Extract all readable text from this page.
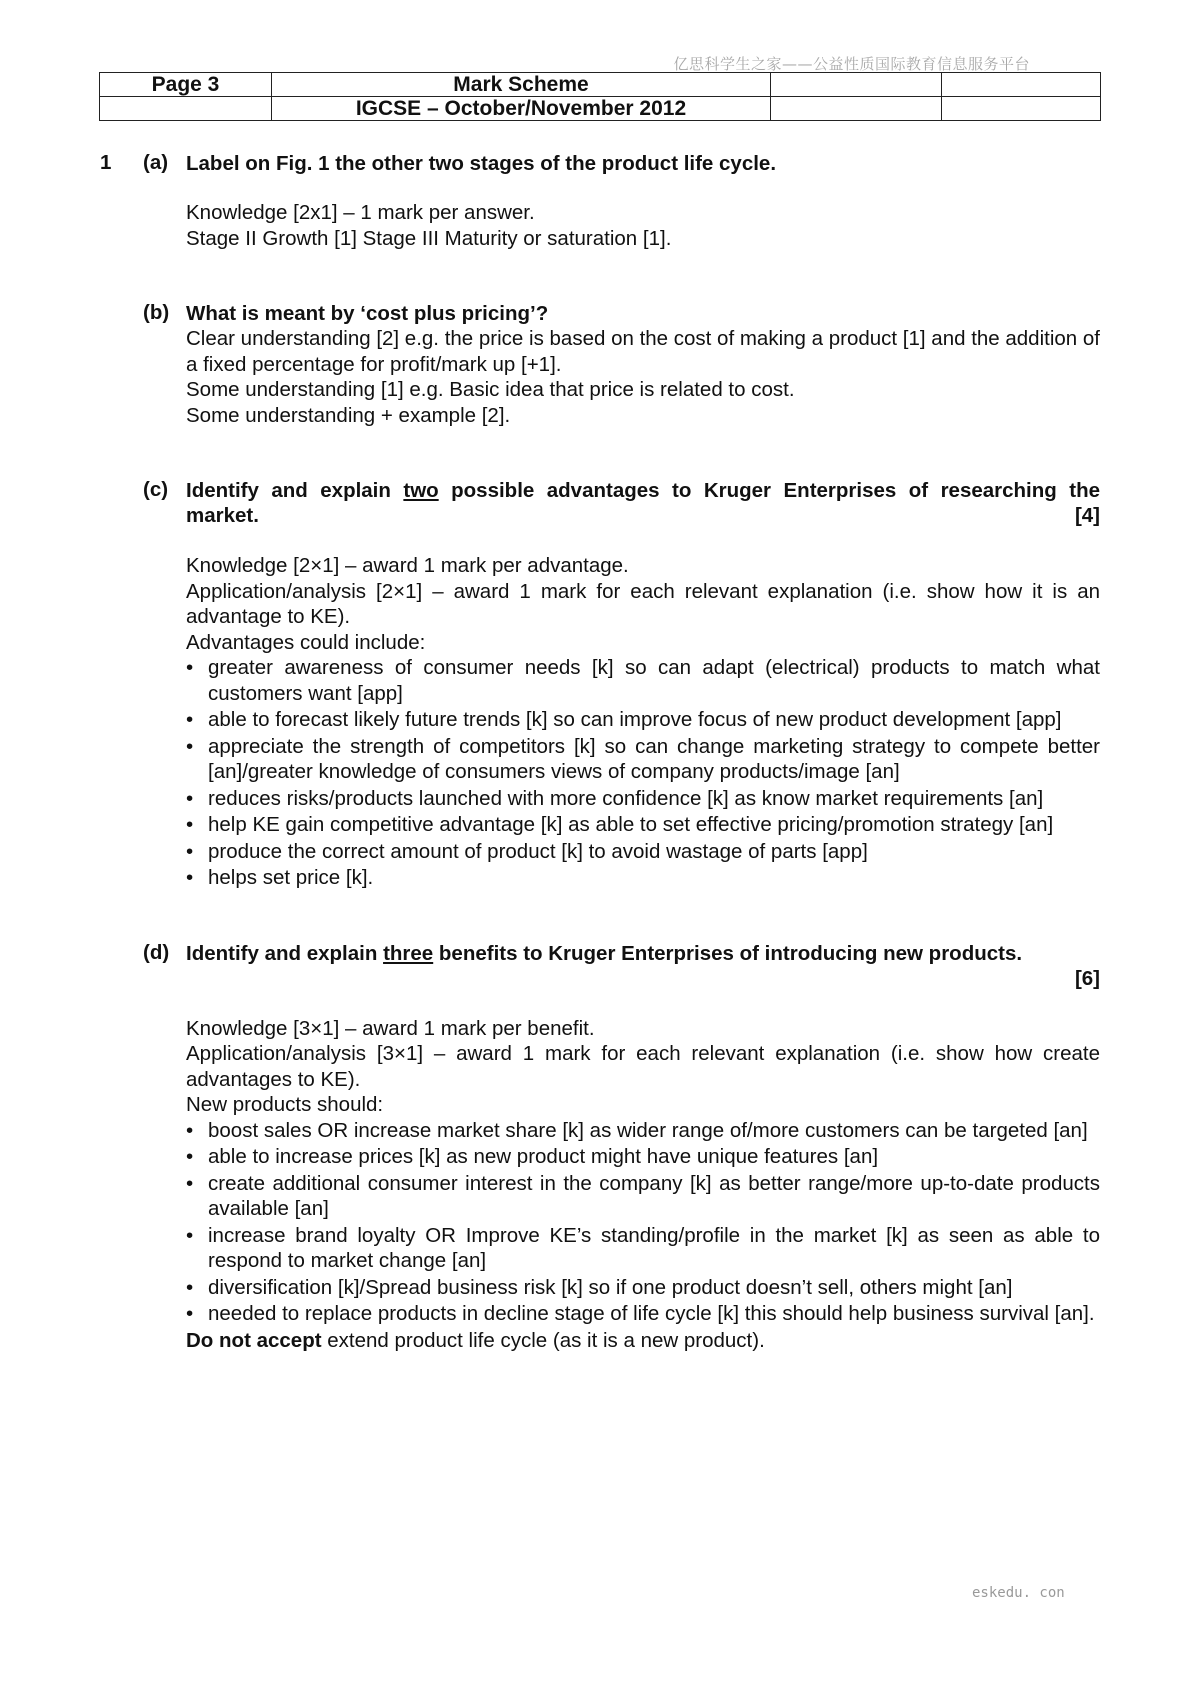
亿思科学生之家——公益性质国际教育信息服务平台
Page 3	Mark Scheme		
	IGCSE – October/November 2012		
1 (a) Label on Fig. 1 the other two stages of the product life cycle.

Knowledge [2x1] – 1 mark per answer.

Stage II Growth [1] Stage III Maturity or saturation [1].

(b) What is meant by ‘cost plus pricing’?

Clear understanding [2] e.g. the price is based on the cost of making a product [1] and the addition of a fixed percentage for profit/mark up [+1].

Some understanding [1] e.g. Basic idea that price is related to cost.

Some understanding + example [2].

(c) Identify and explain two possible advantages to Kruger Enterprises of researching the market.	[4]

Knowledge [2×1] – award 1 mark per advantage.

Application/analysis [2×1] – award 1 mark for each relevant explanation (i.e. show how it is an advantage to KE).

Advantages could include:

• greater awareness of consumer needs [k] so can adapt (electrical) products to match what customers want [app]
• able to forecast likely future trends [k] so can improve focus of new product development [app]
• appreciate the strength of competitors [k] so can change marketing strategy to compete better [an]/greater knowledge of consumers views of company products/image [an]
• reduces risks/products launched with more confidence [k] as know market requirements [an]
• help KE gain competitive advantage [k] as able to set effective pricing/promotion strategy [an]
• produce the correct amount of product [k] to avoid wastage of parts [app]
• helps set price [k].
(d) Identify and explain three benefits to Kruger Enterprises of introducing new products.
[6]

Knowledge [3×1] – award 1 mark per benefit.

Application/analysis [3×1] – award 1 mark for each relevant explanation (i.e. show how create advantages to KE).

New products should:

• boost sales OR increase market share [k] as wider range of/more customers can be targeted [an]
• able to increase prices [k] as new product might have unique features [an]
• create additional consumer interest in the company [k] as better range/more up-to-date products available [an]
• increase brand loyalty OR Improve KE’s standing/profile in the market [k] as seen as able to respond to market change [an]
• diversification [k]/Spread business risk [k] so if one product doesn’t sell, others might [an]
• needed to replace products in decline stage of life cycle [k] this should help business survival [an].

Do not accept extend product life cycle (as it is a new product).

eskedu. con
